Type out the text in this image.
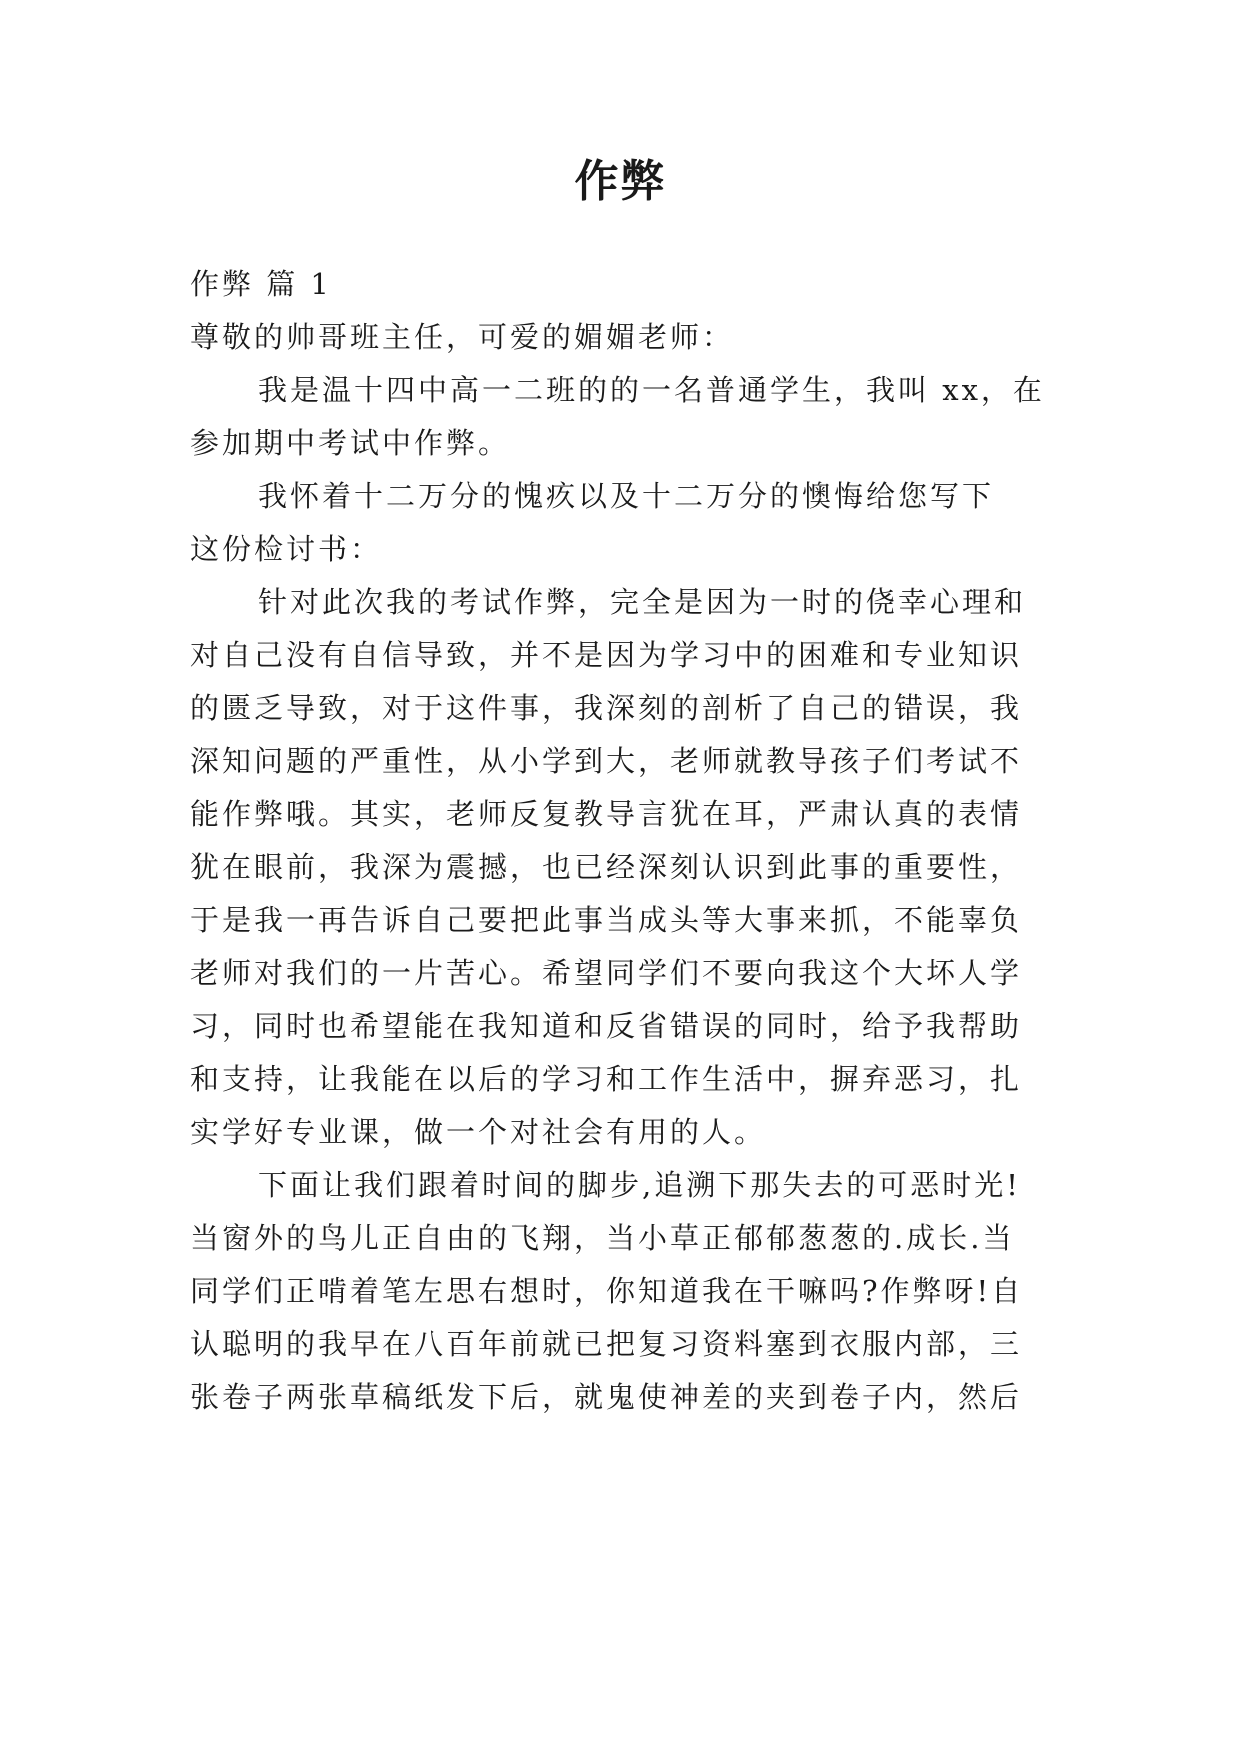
作弊
作弊 篇 1
尊敬的帅哥班主任，可爱的媚媚老师：
我是温十四中高一二班的的一名普通学生，我叫 xx，在
参加期中考试中作弊。
我怀着十二万分的愧疚以及十二万分的懊悔给您写下
这份检讨书：
针对此次我的考试作弊，完全是因为一时的侥幸心理和
对自己没有自信导致，并不是因为学习中的困难和专业知识
的匮乏导致，对于这件事，我深刻的剖析了自己的错误，我
深知问题的严重性，从小学到大，老师就教导孩子们考试不
能作弊哦。其实，老师反复教导言犹在耳，严肃认真的表情
犹在眼前，我深为震撼，也已经深刻认识到此事的重要性，
于是我一再告诉自己要把此事当成头等大事来抓，不能辜负
老师对我们的一片苦心。希望同学们不要向我这个大坏人学
习，同时也希望能在我知道和反省错误的同时，给予我帮助
和支持，让我能在以后的学习和工作生活中，摒弃恶习，扎
实学好专业课，做一个对社会有用的人。
下面让我们跟着时间的脚步,追溯下那失去的可恶时光!
当窗外的鸟儿正自由的飞翔，当小草正郁郁葱葱的.成长.当
同学们正啃着笔左思右想时，你知道我在干嘛吗?作弊呀!自
认聪明的我早在八百年前就已把复习资料塞到衣服内部，三
张卷子两张草稿纸发下后，就鬼使神差的夹到卷子内，然后
